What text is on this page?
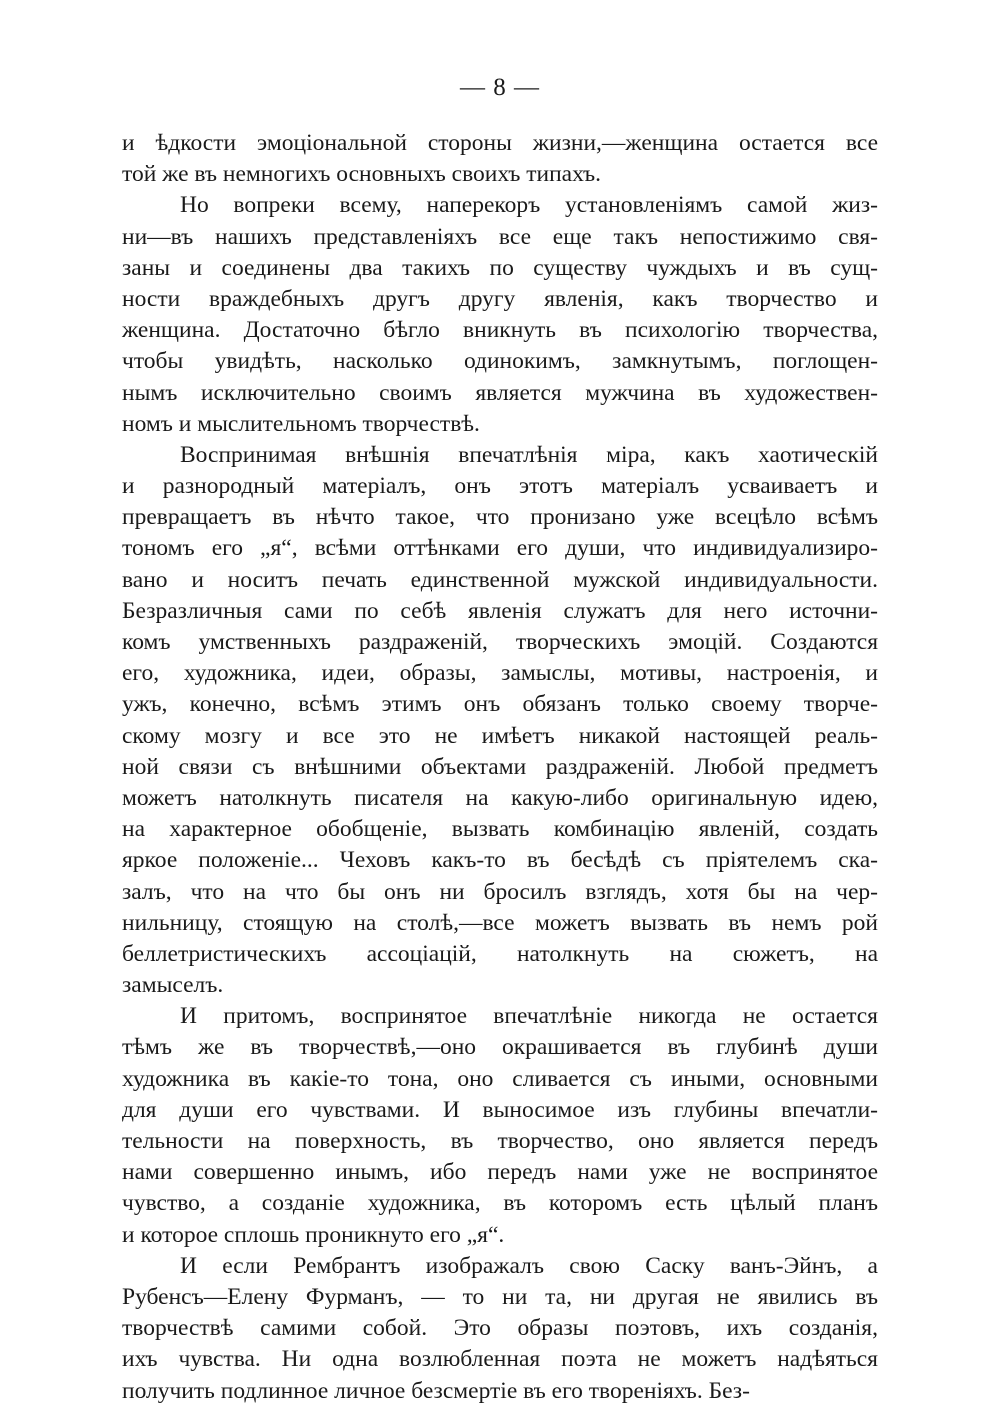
— 8 —
и ѣдкости эмоціональной стороны жизни,—женщина остается все
той же въ немногихъ основныхъ своихъ типахъ.
Но вопреки всему, наперекоръ установленіямъ самой жиз-
ни—въ нашихъ представленіяхъ все еще такъ непостижимо свя-
заны и соединены два такихъ по существу чуждыхъ и въ сущ-
ности враждебныхъ другъ другу явленія, какъ творчество и
женщина. Достаточно бѣгло вникнуть въ психологію творчества,
чтобы увидѣть, насколько одинокимъ, замкнутымъ, поглощен-
нымъ исключительно своимъ является мужчина въ художествен-
номъ и мыслительномъ творчествѣ.
Воспринимая внѣшнія впечатлѣнія міра, какъ хаотическій
и разнородный матеріалъ, онъ этотъ матеріалъ усваиваетъ и
превращаетъ въ нѣчто такое, что пронизано уже всецѣло всѣмъ
тономъ его „я“, всѣми оттѣнками его души, что индивидуализиро-
вано и носитъ печать единственной мужской индивидуальности.
Безразличныя сами по себѣ явленія служатъ для него источни-
комъ умственныхъ раздраженій, творческихъ эмоцій. Создаются
его, художника, идеи, образы, замыслы, мотивы, настроенія, и
ужъ, конечно, всѣмъ этимъ онъ обязанъ только своему творче-
скому мозгу и все это не имѣетъ никакой настоящей реаль-
ной связи съ внѣшними объектами раздраженій. Любой предметъ
можетъ натолкнуть писателя на какую-либо оригинальную идею,
на характерное обобщеніе, вызвать комбинацію явленій, создать
яркое положеніе... Чеховъ какъ-то въ бесѣдѣ съ пріятелемъ ска-
залъ, что на что бы онъ ни бросилъ взглядъ, хотя бы на чер-
нильницу, стоящую на столѣ,—все можетъ вызвать въ немъ рой
беллетристическихъ ассоціацій, натолкнуть на сюжетъ, на
замыселъ.
И притомъ, воспринятое впечатлѣніе никогда не остается
тѣмъ же въ творчествѣ,—оно окрашивается въ глубинѣ души
художника въ какіе-то тона, оно сливается съ иными, основными
для души его чувствами. И выносимое изъ глубины впечатли-
тельности на поверхность, въ творчество, оно является передъ
нами совершенно инымъ, ибо передъ нами уже не воспринятое
чувство, а созданіе художника, въ которомъ есть цѣлый планъ
и которое сплошь проникнуто его „я“.
И если Рембрантъ изображалъ свою Саску ванъ-Эйнъ, а
Рубенсъ—Елену Фурманъ, — то ни та, ни другая не явились въ
творчествѣ самими собой. Это образы поэтовъ, ихъ созданія,
ихъ чувства. Ни одна возлюбленная поэта не можетъ надѣяться
получить подлинное личное безсмертіе въ его твореніяхъ. Без-
